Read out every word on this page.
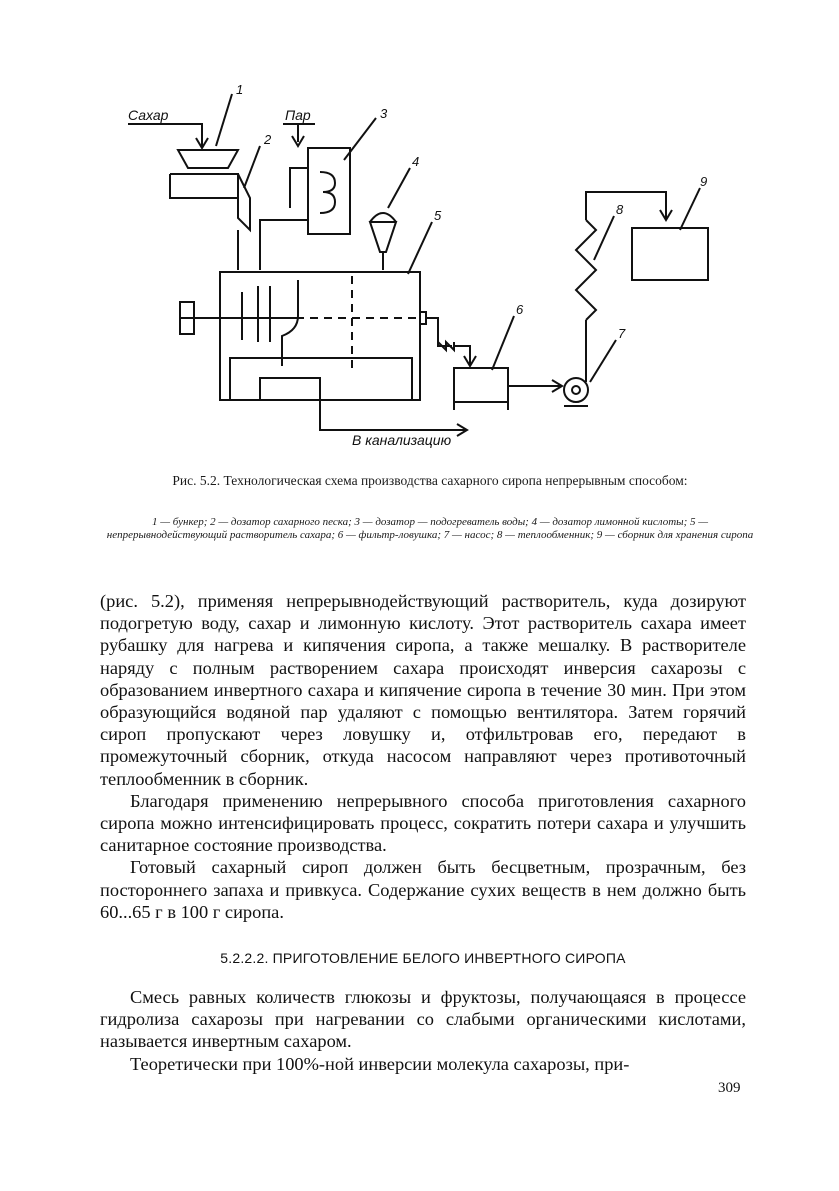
Сахар	Пар
В канализацию
1
2
3
4
5
6
7
8
9
Рис. 5.2. Технологическая схема производства сахарного сиропа непрерывным способом:
1 — бункер; 2 — дозатор сахарного песка; 3 — дозатор — подогреватель воды; 4 — дозатор лимонной кислоты; 5 — непрерывнодействующий растворитель сахара; 6 — фильтр-ловушка; 7 — насос; 8 — теплообменник; 9 — сборник для хранения сиропа

(рис. 5.2), применяя непрерывнодействующий растворитель, куда дозируют подогретую воду, сахар и лимонную кислоту. Этот растворитель сахара имеет рубашку для нагрева и кипячения сиропа, а также мешалку. В растворителе наряду с полным растворением сахара происходят инверсия сахарозы с образованием инвертного сахара и кипячение сиропа в течение 30 мин. При этом образующийся водяной пар удаляют с помощью вентилятора. Затем горячий сироп пропускают через ловушку и, отфильтровав его, передают в промежуточный сборник, откуда насосом направляют через противоточный теплообменник в сборник.

Благодаря применению непрерывного способа приготовления сахарного сиропа можно интенсифицировать процесс, сократить потери сахара и улучшить санитарное состояние производства.

Готовый сахарный сироп должен быть бесцветным, прозрачным, без постороннего запаха и привкуса. Содержание сухих веществ в нем должно быть 60...65 г в 100 г сиропа.

5.2.2.2. ПРИГОТОВЛЕНИЕ БЕЛОГО ИНВЕРТНОГО СИРОПА

Смесь равных количеств глюкозы и фруктозы, получающаяся в процессе гидролиза сахарозы при нагревании со слабыми органическими кислотами, называется инвертным сахаром.

Теоретически при 100%-ной инверсии молекула сахарозы, при-

309
